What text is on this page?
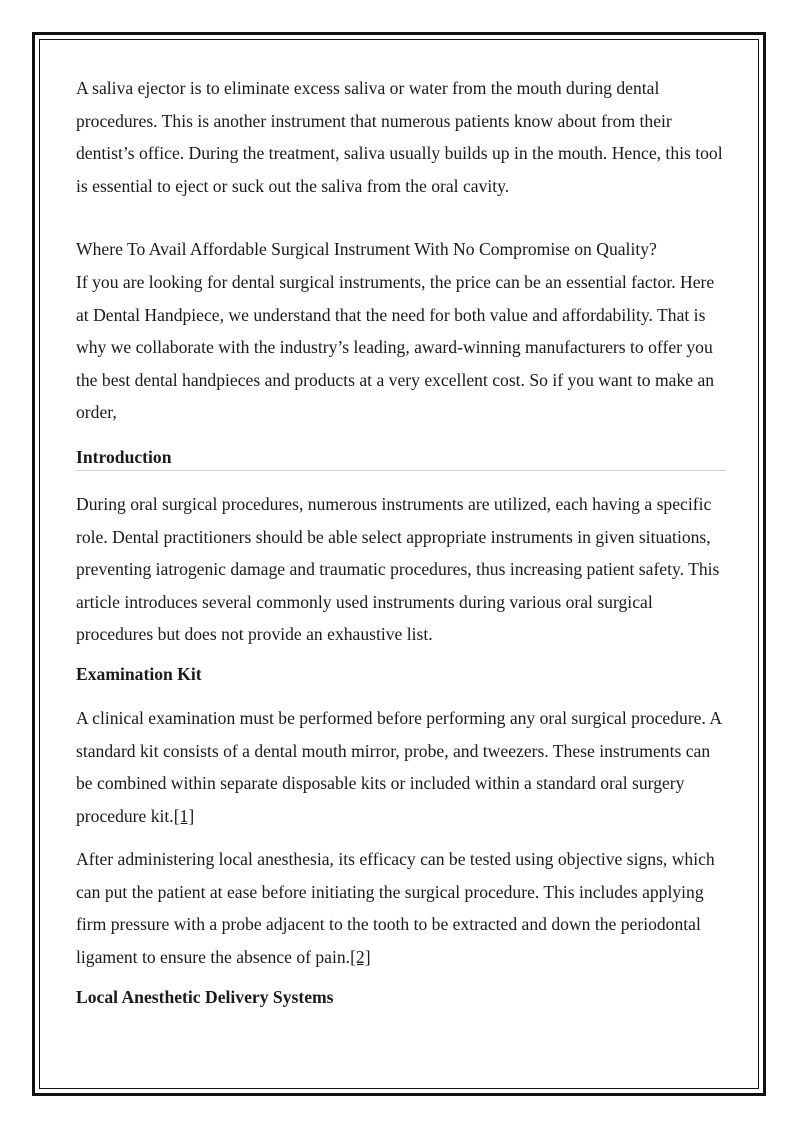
A saliva ejector is to eliminate excess saliva or water from the mouth during dental procedures. This is another instrument that numerous patients know about from their dentist’s office. During the treatment, saliva usually builds up in the mouth. Hence, this tool is essential to eject or suck out the saliva from the oral cavity.

Where To Avail Affordable Surgical Instrument With No Compromise on Quality?

If you are looking for dental surgical instruments, the price can be an essential factor. Here at Dental Handpiece, we understand that the need for both value and affordability. That is why we collaborate with the industry’s leading, award-winning manufacturers to offer you the best dental handpieces and products at a very excellent cost. So if you want to make an order,

Introduction

During oral surgical procedures, numerous instruments are utilized, each having a specific role. Dental practitioners should be able select appropriate instruments in given situations, preventing iatrogenic damage and traumatic procedures, thus increasing patient safety. This article introduces several commonly used instruments during various oral surgical procedures but does not provide an exhaustive list.

Examination Kit

A clinical examination must be performed before performing any oral surgical procedure. A standard kit consists of a dental mouth mirror, probe, and tweezers. These instruments can be combined within separate disposable kits or included within a standard oral surgery procedure kit.[1]

After administering local anesthesia, its efficacy can be tested using objective signs, which can put the patient at ease before initiating the surgical procedure. This includes applying firm pressure with a probe adjacent to the tooth to be extracted and down the periodontal ligament to ensure the absence of pain.[2]

Local Anesthetic Delivery Systems
